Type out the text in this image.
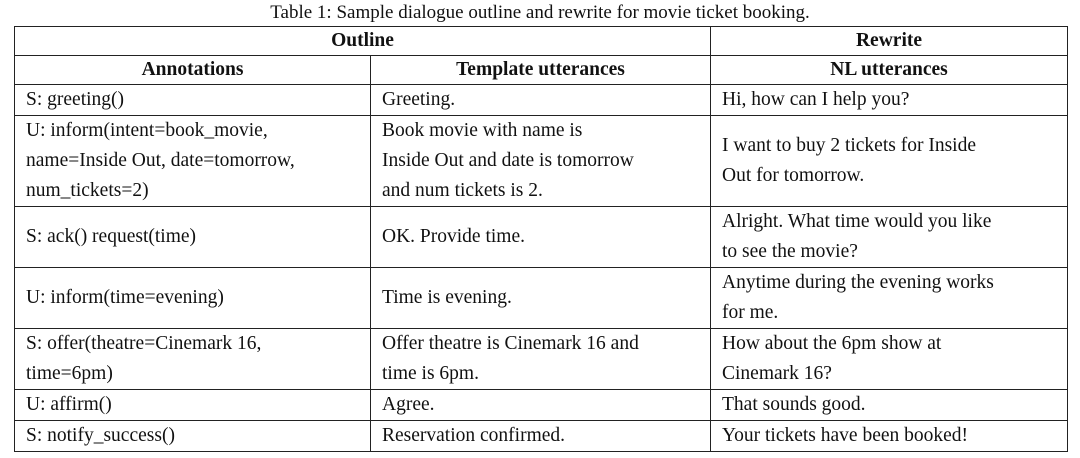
Table 1: Sample dialogue outline and rewrite for movie ticket booking.
Outline		Rewrite
Annotations	Template utterances	NL utterances

S: greeting()	Greeting.	Hi, how can I help you?

U: inform(intent=book_movie,
name=Inside Out, date=tomorrow,
num_tickets=2)	Book movie with name is
Inside Out and date is tomorrow
and num tickets is 2.	I want to buy 2 tickets for Inside
Out for tomorrow.

S: ack() request(time)	OK. Provide time.	Alright. What time would you like
to see the movie?

U: inform(time=evening)	Time is evening.	Anytime during the evening works
for me.

S: offer(theatre=Cinemark 16,
time=6pm)	Offer theatre is Cinemark 16 and
time is 6pm.	How about the 6pm show at
Cinemark 16?

U: affirm()	Agree.	That sounds good.

S: notify_success()	Reservation confirmed.	Your tickets have been booked!
